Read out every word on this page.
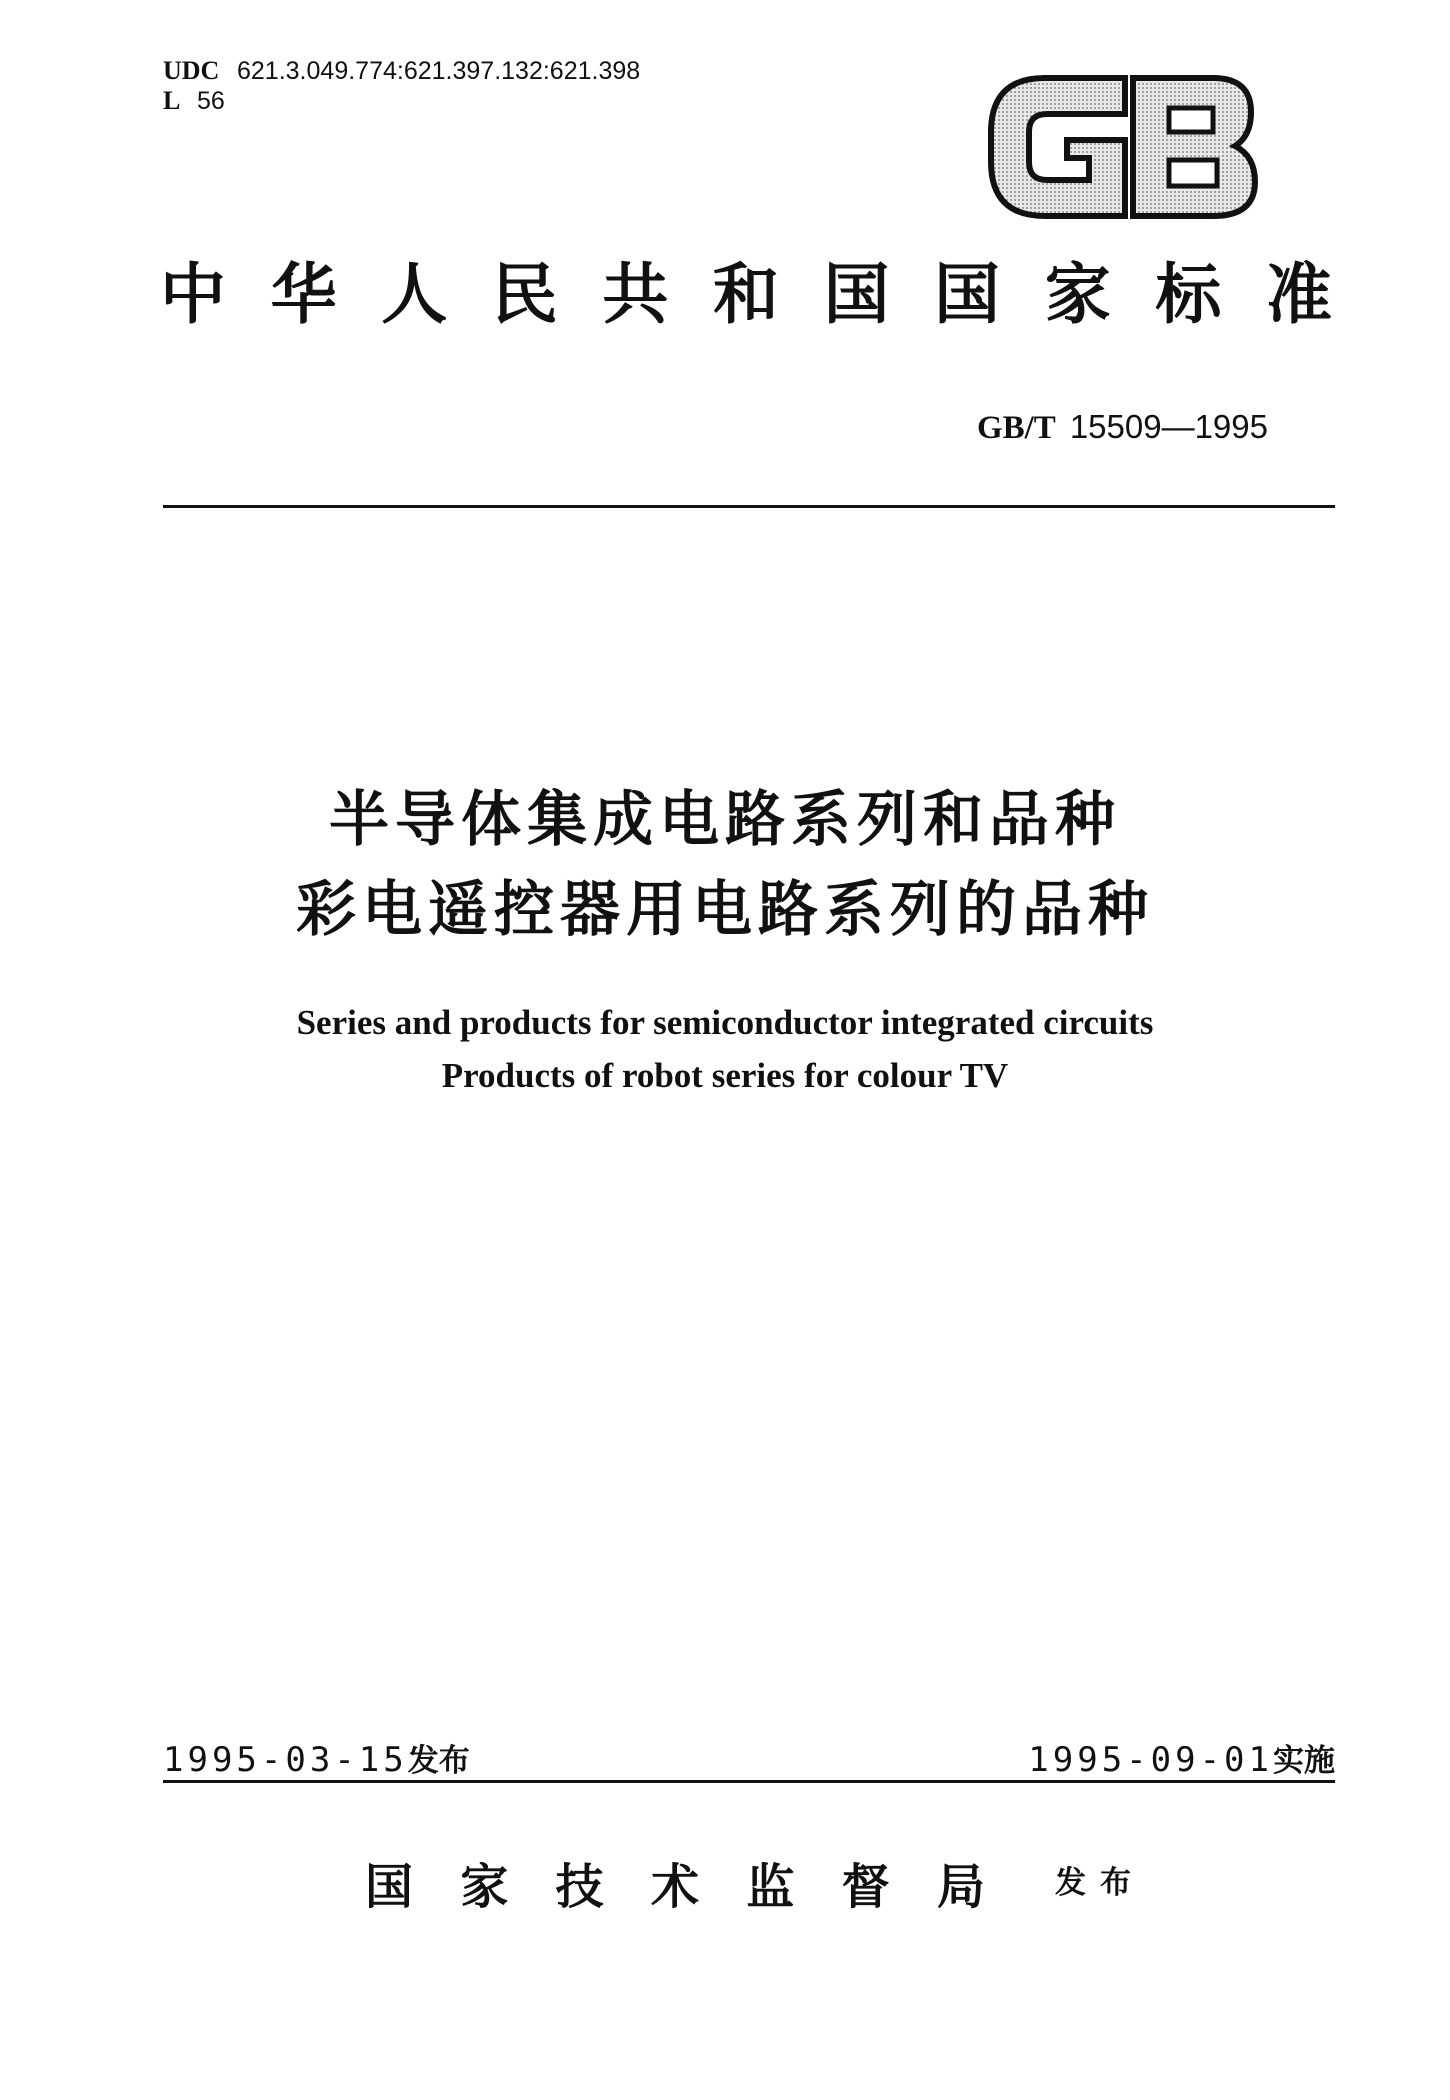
UDC 621.3.049.774:621.397.132:621.398
L 56
中 华 人 民 共 和 国 国 家 标 准
GB/T 15509—1995
半导体集成电路系列和品种
彩电遥控器用电路系列的品种
Series and products for semiconductor integrated circuits
Products of robot series for colour TV
1995-03-15发布	1995-09-01实施
国 家 技 术 监 督 局 发布
